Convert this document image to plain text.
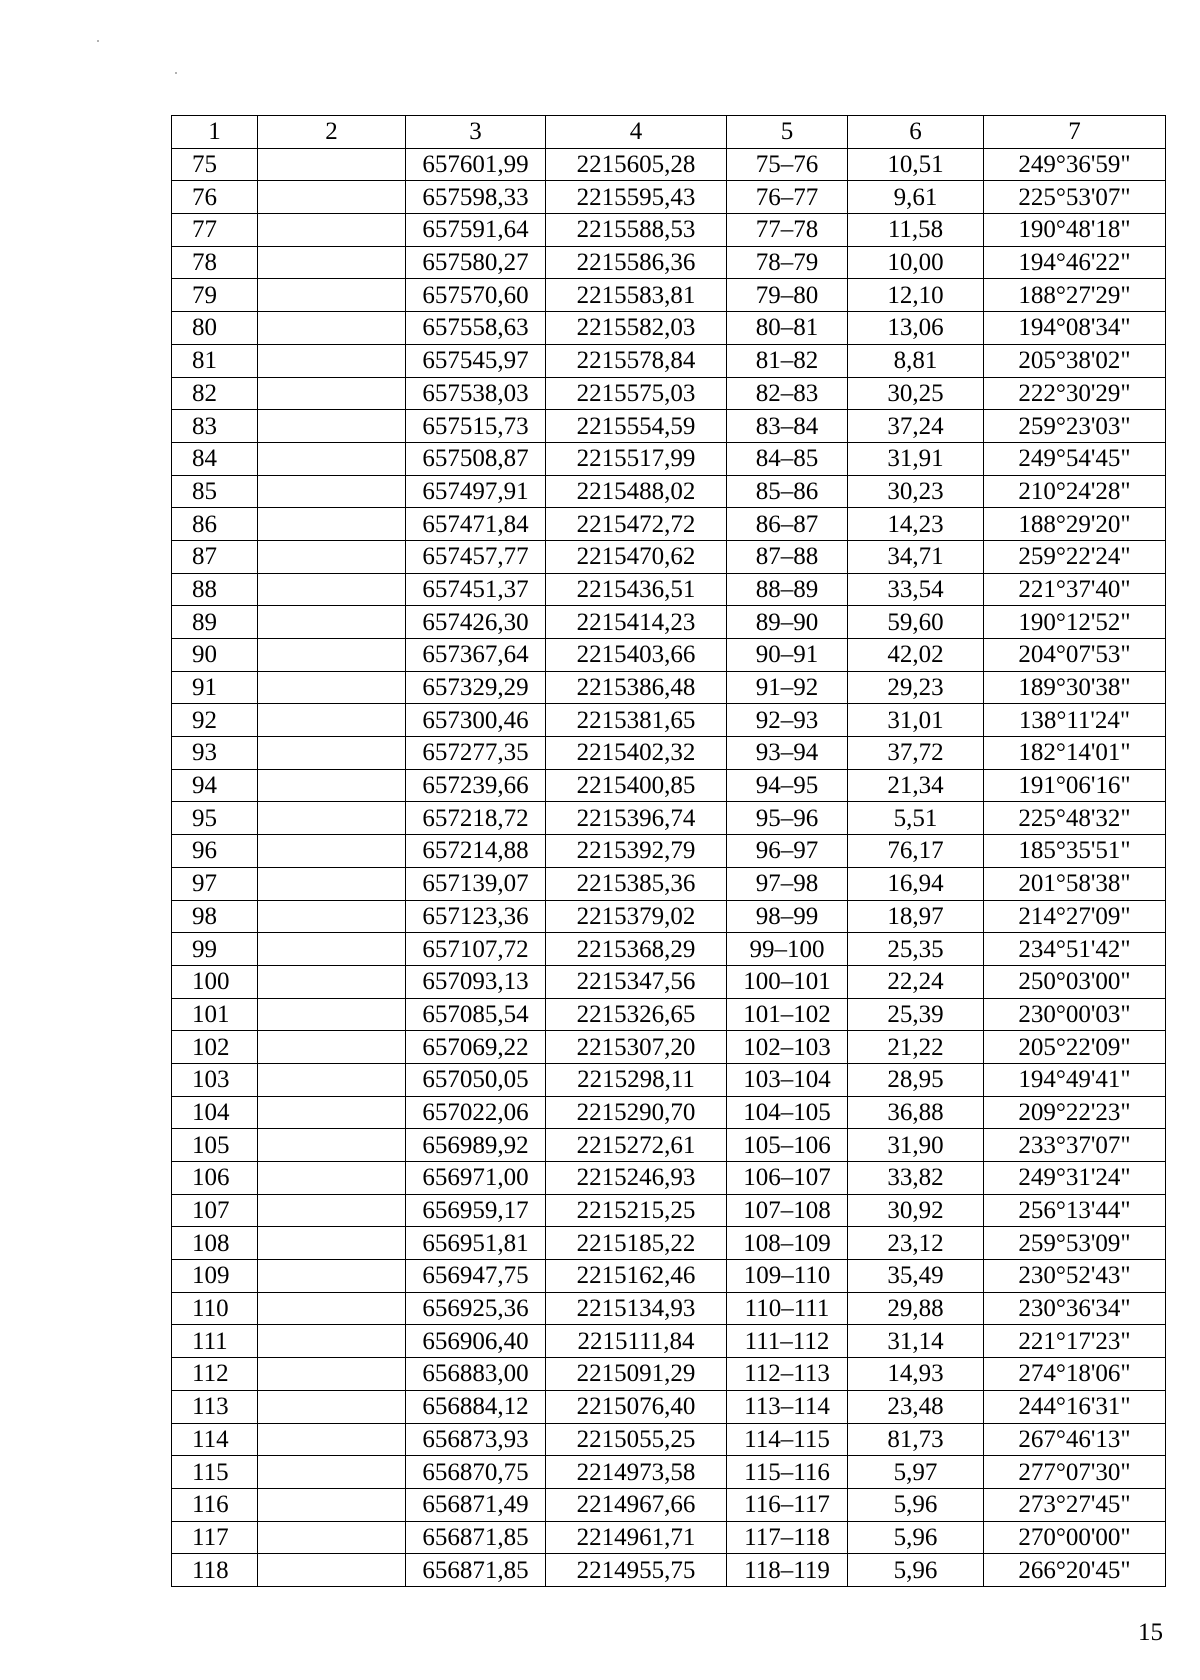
1	2	3	4	5	6	7
75		657601,99	2215605,28	75–76	10,51	249°36'59"
76		657598,33	2215595,43	76–77	9,61	225°53'07"
77		657591,64	2215588,53	77–78	11,58	190°48'18"
78		657580,27	2215586,36	78–79	10,00	194°46'22"
79		657570,60	2215583,81	79–80	12,10	188°27'29"
80		657558,63	2215582,03	80–81	13,06	194°08'34"
81		657545,97	2215578,84	81–82	8,81	205°38'02"
82		657538,03	2215575,03	82–83	30,25	222°30'29"
83		657515,73	2215554,59	83–84	37,24	259°23'03"
84		657508,87	2215517,99	84–85	31,91	249°54'45"
85		657497,91	2215488,02	85–86	30,23	210°24'28"
86		657471,84	2215472,72	86–87	14,23	188°29'20"
87		657457,77	2215470,62	87–88	34,71	259°22'24"
88		657451,37	2215436,51	88–89	33,54	221°37'40"
89		657426,30	2215414,23	89–90	59,60	190°12'52"
90		657367,64	2215403,66	90–91	42,02	204°07'53"
91		657329,29	2215386,48	91–92	29,23	189°30'38"
92		657300,46	2215381,65	92–93	31,01	138°11'24"
93		657277,35	2215402,32	93–94	37,72	182°14'01"
94		657239,66	2215400,85	94–95	21,34	191°06'16"
95		657218,72	2215396,74	95–96	5,51	225°48'32"
96		657214,88	2215392,79	96–97	76,17	185°35'51"
97		657139,07	2215385,36	97–98	16,94	201°58'38"
98		657123,36	2215379,02	98–99	18,97	214°27'09"
99		657107,72	2215368,29	99–100	25,35	234°51'42"
100		657093,13	2215347,56	100–101	22,24	250°03'00"
101		657085,54	2215326,65	101–102	25,39	230°00'03"
102		657069,22	2215307,20	102–103	21,22	205°22'09"
103		657050,05	2215298,11	103–104	28,95	194°49'41"
104		657022,06	2215290,70	104–105	36,88	209°22'23"
105		656989,92	2215272,61	105–106	31,90	233°37'07"
106		656971,00	2215246,93	106–107	33,82	249°31'24"
107		656959,17	2215215,25	107–108	30,92	256°13'44"
108		656951,81	2215185,22	108–109	23,12	259°53'09"
109		656947,75	2215162,46	109–110	35,49	230°52'43"
110		656925,36	2215134,93	110–111	29,88	230°36'34"
111		656906,40	2215111,84	111–112	31,14	221°17'23"
112		656883,00	2215091,29	112–113	14,93	274°18'06"
113		656884,12	2215076,40	113–114	23,48	244°16'31"
114		656873,93	2215055,25	114–115	81,73	267°46'13"
115		656870,75	2214973,58	115–116	5,97	277°07'30"
116		656871,49	2214967,66	116–117	5,96	273°27'45"
117		656871,85	2214961,71	117–118	5,96	270°00'00"
118		656871,85	2214955,75	118–119	5,96	266°20'45"
15
